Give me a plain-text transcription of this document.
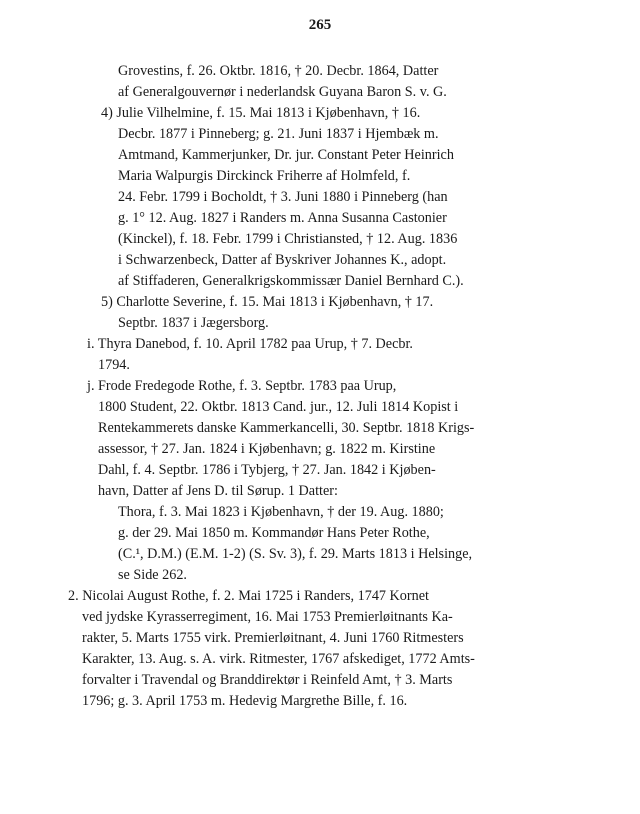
265
Grovestins, f. 26. Oktbr. 1816, † 20. Decbr. 1864, Datter
af Generalgouvernør i nederlandsk Guyana Baron S. v. G.
4) Julie Vilhelmine, f. 15. Mai 1813 i Kjøbenhavn, † 16.
Decbr. 1877 i Pinneberg; g. 21. Juni 1837 i Hjembæk m.
Amtmand, Kammerjunker, Dr. jur. Constant Peter Heinrich
Maria Walpurgis Dirckinck Friherre af Holmfeld, f.
24. Febr. 1799 i Bocholdt, † 3. Juni 1880 i Pinneberg (han
g. 1° 12. Aug. 1827 i Randers m. Anna Susanna Castonier
(Kinckel), f. 18. Febr. 1799 i Christiansted, † 12. Aug. 1836
i Schwarzenbeck, Datter af Byskriver Johannes K., adopt.
af Stiffaderen, Generalkrigskommissær Daniel Bernhard C.).
5) Charlotte Severine, f. 15. Mai 1813 i Kjøbenhavn, † 17.
Septbr. 1837 i Jægersborg.
i. Thyra Danebod, f. 10. April 1782 paa Urup, † 7. Decbr.
1794.
j. Frode Fredegode Rothe, f. 3. Septbr. 1783 paa Urup,
1800 Student, 22. Oktbr. 1813 Cand. jur., 12. Juli 1814 Kopist i
Rentekammerets danske Kammerkancelli, 30. Septbr. 1818 Krigs-
assessor, † 27. Jan. 1824 i Kjøbenhavn; g. 1822 m. Kirstine
Dahl, f. 4. Septbr. 1786 i Tybjerg, † 27. Jan. 1842 i Kjøben-
havn, Datter af Jens D. til Sørup. 1 Datter:
Thora, f. 3. Mai 1823 i Kjøbenhavn, † der 19. Aug. 1880;
g. der 29. Mai 1850 m. Kommandør Hans Peter Rothe,
(C.¹, D.M.) (E.M. 1-2) (S. Sv. 3), f. 29. Marts 1813 i Helsinge,
se Side 262.
2. Nicolai August Rothe, f. 2. Mai 1725 i Randers, 1747 Kornet
ved jydske Kyrasserregiment, 16. Mai 1753 Premierløitnants Ka-
rakter, 5. Marts 1755 virk. Premierløitnant, 4. Juni 1760 Ritmesters
Karakter, 13. Aug. s. A. virk. Ritmester, 1767 afskediget, 1772 Amts-
forvalter i Travendal og Branddirektør i Reinfeld Amt, † 3. Marts
1796; g. 3. April 1753 m. Hedevig Margrethe Bille, f. 16.
